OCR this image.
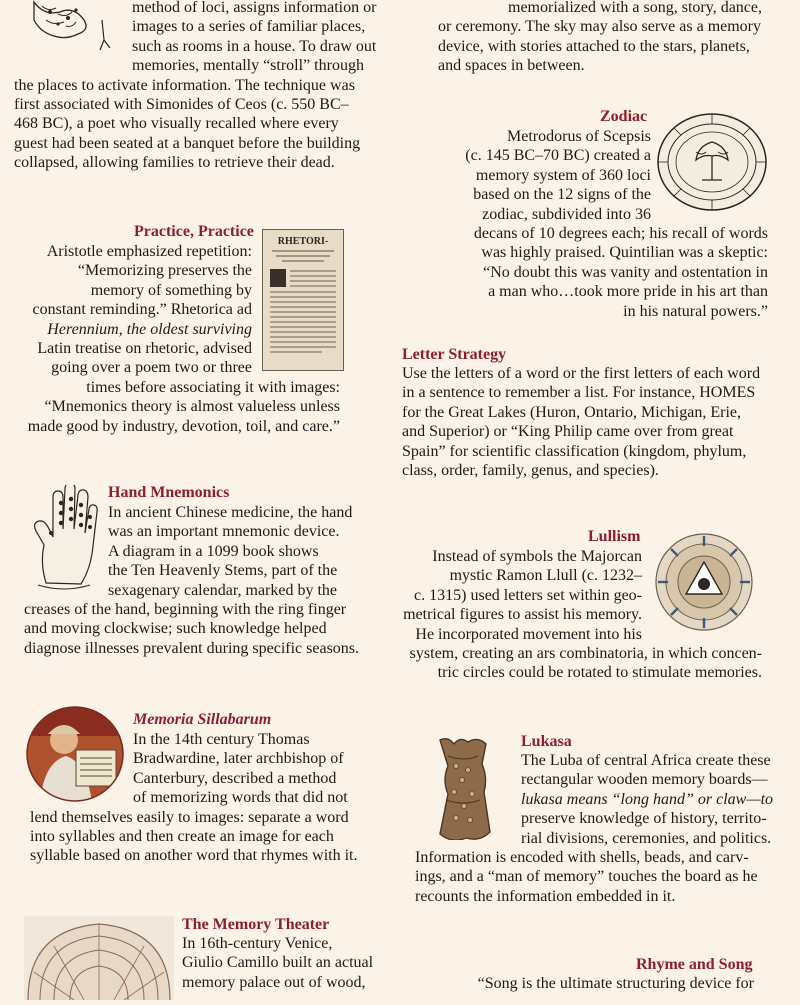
method of loci, assigns information or
images to a series of familiar places,
such as rooms in a house. To draw out
memories, mentally “stroll” through
the places to activate information. The technique was
first associated with Simonides of Ceos (c. 550 BC–
468 BC), a poet who visually recalled where every
guest had been seated at a banquet before the building
collapsed, allowing families to retrieve their dead.
memorialized with a song, story, dance,
or ceremony. The sky may also serve as a memory
device, with stories attached to the stars, planets,
and spaces in between.
Zodiac
Metrodorus of Scepsis
(c. 145 BC–70 BC) created a
memory system of 360 loci
based on the 12 signs of the
zodiac, subdivided into 36
decans of 10 degrees each; his recall of words
was highly praised. Quintilian was a skeptic:
“No doubt this was vanity and ostentation in
a man who…took more pride in his art than
in his natural powers.”
Practice, Practice
RHETORI-
Aristotle emphasized repetition:
“Memorizing preserves the
memory of something by
constant reminding.” Rhetorica ad
Herennium, the oldest surviving
Latin treatise on rhetoric, advised
going over a poem two or three
times before associating it with images:
“Mnemonics theory is almost valueless unless
made good by industry, devotion, toil, and care.”
Letter Strategy
Use the letters of a word or the first letters of each word
in a sentence to remember a list. For instance, HOMES
for the Great Lakes (Huron, Ontario, Michigan, Erie,
and Superior) or “King Philip came over from great
Spain” for scientific classification (kingdom, phylum,
class, order, family, genus, and species).
Hand Mnemonics
In ancient Chinese medicine, the hand
was an important mnemonic device.
A diagram in a 1099 book shows
the Ten Heavenly Stems, part of the
sexagenary calendar, marked by the
creases of the hand, beginning with the ring finger
and moving clockwise; such knowledge helped
diagnose illnesses prevalent during specific seasons.
Lullism
Instead of symbols the Majorcan
mystic Ramon Llull (c. 1232–
c. 1315) used letters set within geo-
metrical figures to assist his memory.
He incorporated movement into his
system, creating an ars combinatoria, in which concen-
tric circles could be rotated to stimulate memories.
Memoria Sillabarum
In the 14th century Thomas
Bradwardine, later archbishop of
Canterbury, described a method
of memorizing words that did not
lend themselves easily to images: separate a word
into syllables and then create an image for each
syllable based on another word that rhymes with it.
Lukasa
The Luba of central Africa create these
rectangular wooden memory boards—
lukasa means “long hand” or claw—to
preserve knowledge of history, territo-
rial divisions, ceremonies, and politics.
Information is encoded with shells, beads, and carv-
ings, and a “man of memory” touches the board as he
recounts the information embedded in it.
The Memory Theater
In 16th-century Venice,
Giulio Camillo built an actual
memory palace out of wood,
Rhyme and Song
“Song is the ultimate structuring device for
